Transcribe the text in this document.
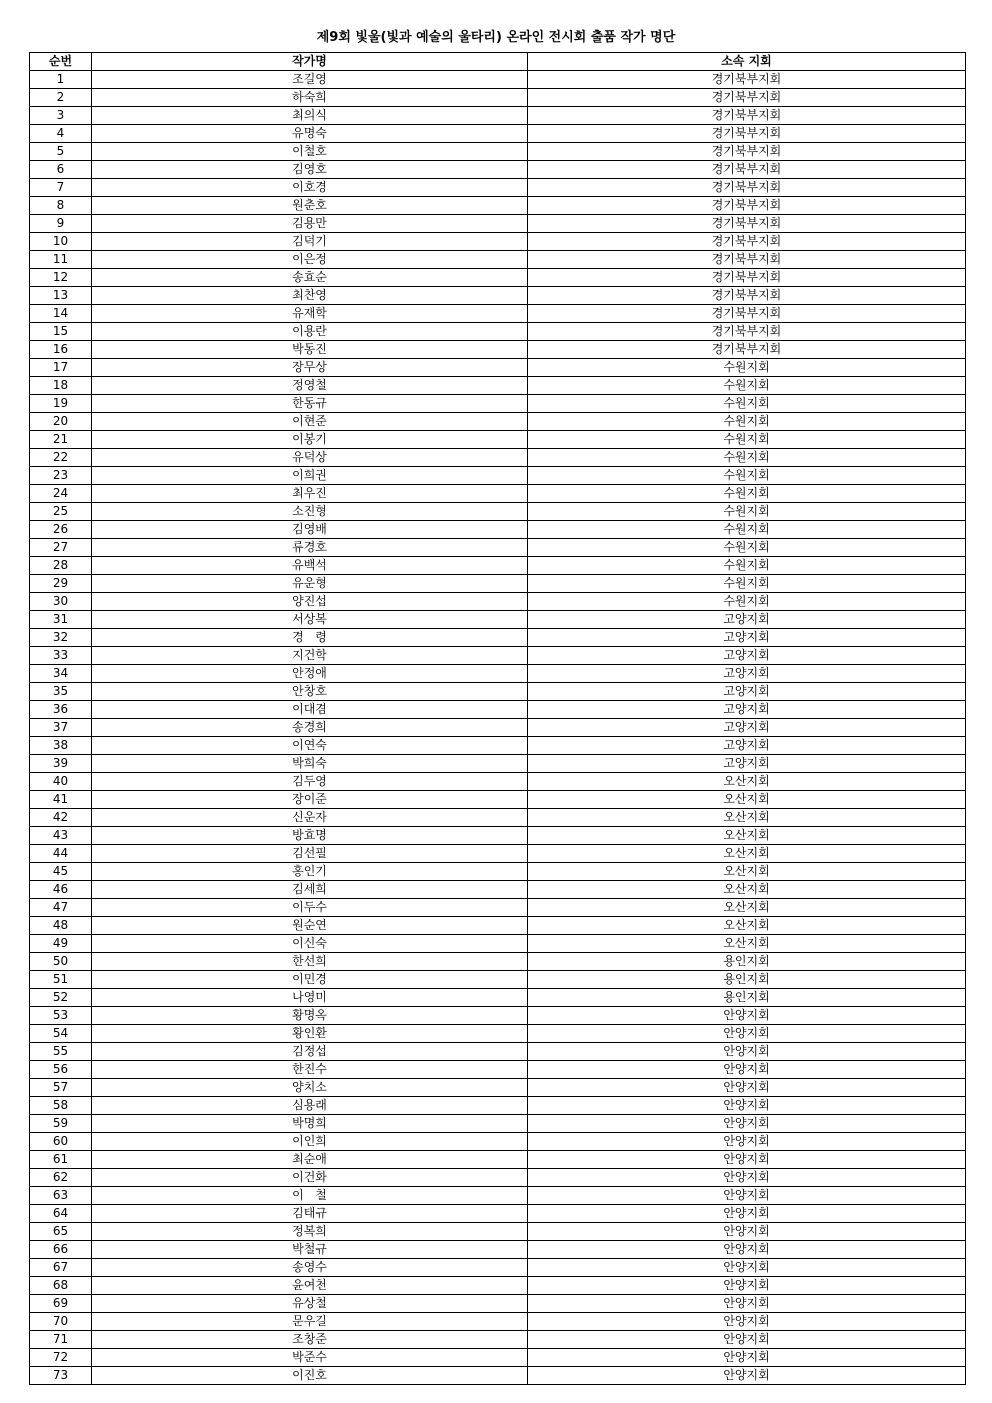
제9회 빛울(빛과 예술의 울타리) 온라인 전시회 출품 작가 명단
순번	작가명	소속 지회
1	조길영	경기북부지회
2	하숙희	경기북부지회
3	최의식	경기북부지회
4	유명숙	경기북부지회
5	이철호	경기북부지회
6	김영호	경기북부지회
7	이호경	경기북부지회
8	원춘호	경기북부지회
9	김용만	경기북부지회
10	김덕기	경기북부지회
11	이은정	경기북부지회
12	송효순	경기북부지회
13	최찬영	경기북부지회
14	유재학	경기북부지회
15	이용란	경기북부지회
16	박동진	경기북부지회
17	장무상	수원지회
18	정영철	수원지회
19	한동규	수원지회
20	이현준	수원지회
21	이봉기	수원지회
22	유덕상	수원지회
23	이희권	수원지회
24	최우진	수원지회
25	소진형	수원지회
26	김영배	수원지회
27	류경호	수원지회
28	유백석	수원지회
29	유운형	수원지회
30	양진섭	수원지회
31	서상복	고양지회
32	경   령	고양지회
33	지건학	고양지회
34	안정애	고양지회
35	안창호	고양지회
36	이대겸	고양지회
37	송경희	고양지회
38	이연숙	고양지회
39	박희숙	고양지회
40	김두영	오산지회
41	장이준	오산지회
42	신운자	오산지회
43	방효명	오산지회
44	김선필	오산지회
45	홍인기	오산지회
46	김세희	오산지회
47	이두수	오산지회
48	원순연	오산지회
49	이신숙	오산지회
50	한선희	용인지회
51	이민경	용인지회
52	나영미	용인지회
53	황명옥	안양지회
54	황인환	안양지회
55	김정섭	안양지회
56	한진수	안양지회
57	양치소	안양지회
58	심용래	안양지회
59	박명희	안양지회
60	이인희	안양지회
61	최순애	안양지회
62	이건화	안양지회
63	이   철	안양지회
64	김태규	안양지회
65	정복희	안양지회
66	박철규	안양지회
67	송영수	안양지회
68	윤여천	안양지회
69	유상철	안양지회
70	문우길	안양지회
71	조창준	안양지회
72	박준수	안양지회
73	이진호	안양지회
